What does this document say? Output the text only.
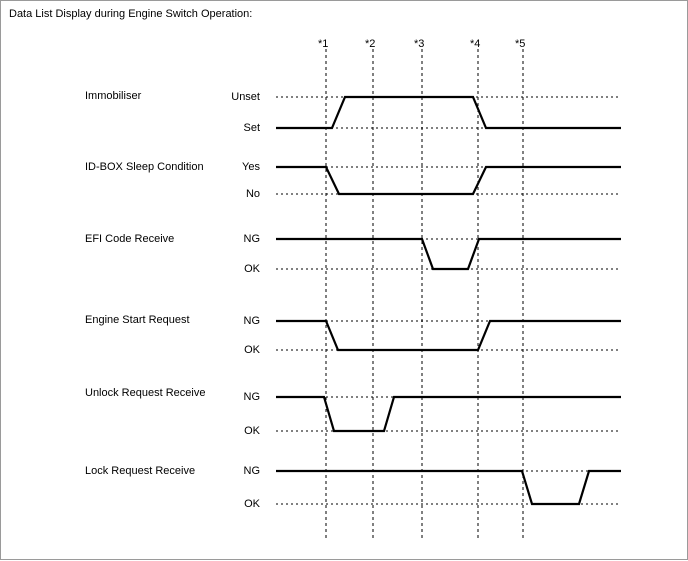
Data List Display during Engine Switch Operation:
Immobiliser
ID-BOX Sleep Condition
EFI Code Receive
Engine Start Request
Unlock Request Receive
Lock Request Receive
Unset
Set
Yes
No
NG
OK
NG
OK
NG
OK
NG
OK
*1	*2	*3	*4	*5
